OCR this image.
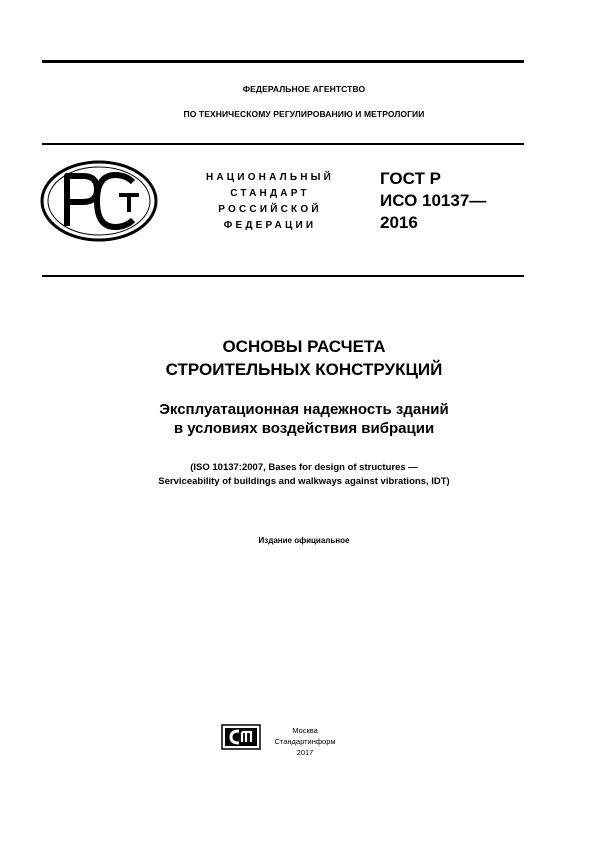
ФЕДЕРАЛЬНОЕ АГЕНТСТВО
ПО ТЕХНИЧЕСКОМУ РЕГУЛИРОВАНИЮ И МЕТРОЛОГИИ
НАЦИОНАЛЬНЫЙ
СТАНДАРТ
РОССИЙСКОЙ
ФЕДЕРАЦИИ
ГОСТ Р
ИСО 10137—
2016
ОСНОВЫ РАСЧЕТА
СТРОИТЕЛЬНЫХ КОНСТРУКЦИЙ
Эксплуатационная надежность зданий
в условиях воздействия вибрации
(ISO 10137:2007, Bases for design of structures —
Serviceability of buildings and walkways against vibrations, IDT)
Издание официальное
Москва
Стандартинформ
2017
